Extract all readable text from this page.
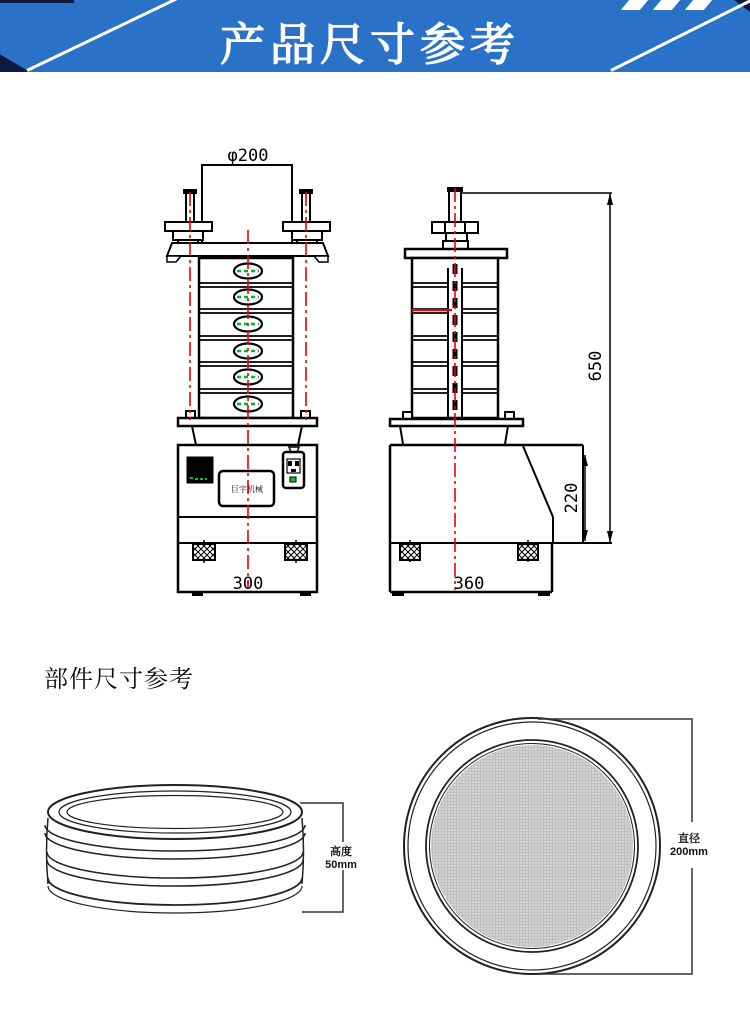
产品尺寸参考
部件尺寸参考
φ200
巨宇机械
300	360
650
220
高度
50mm
直径
200mm
